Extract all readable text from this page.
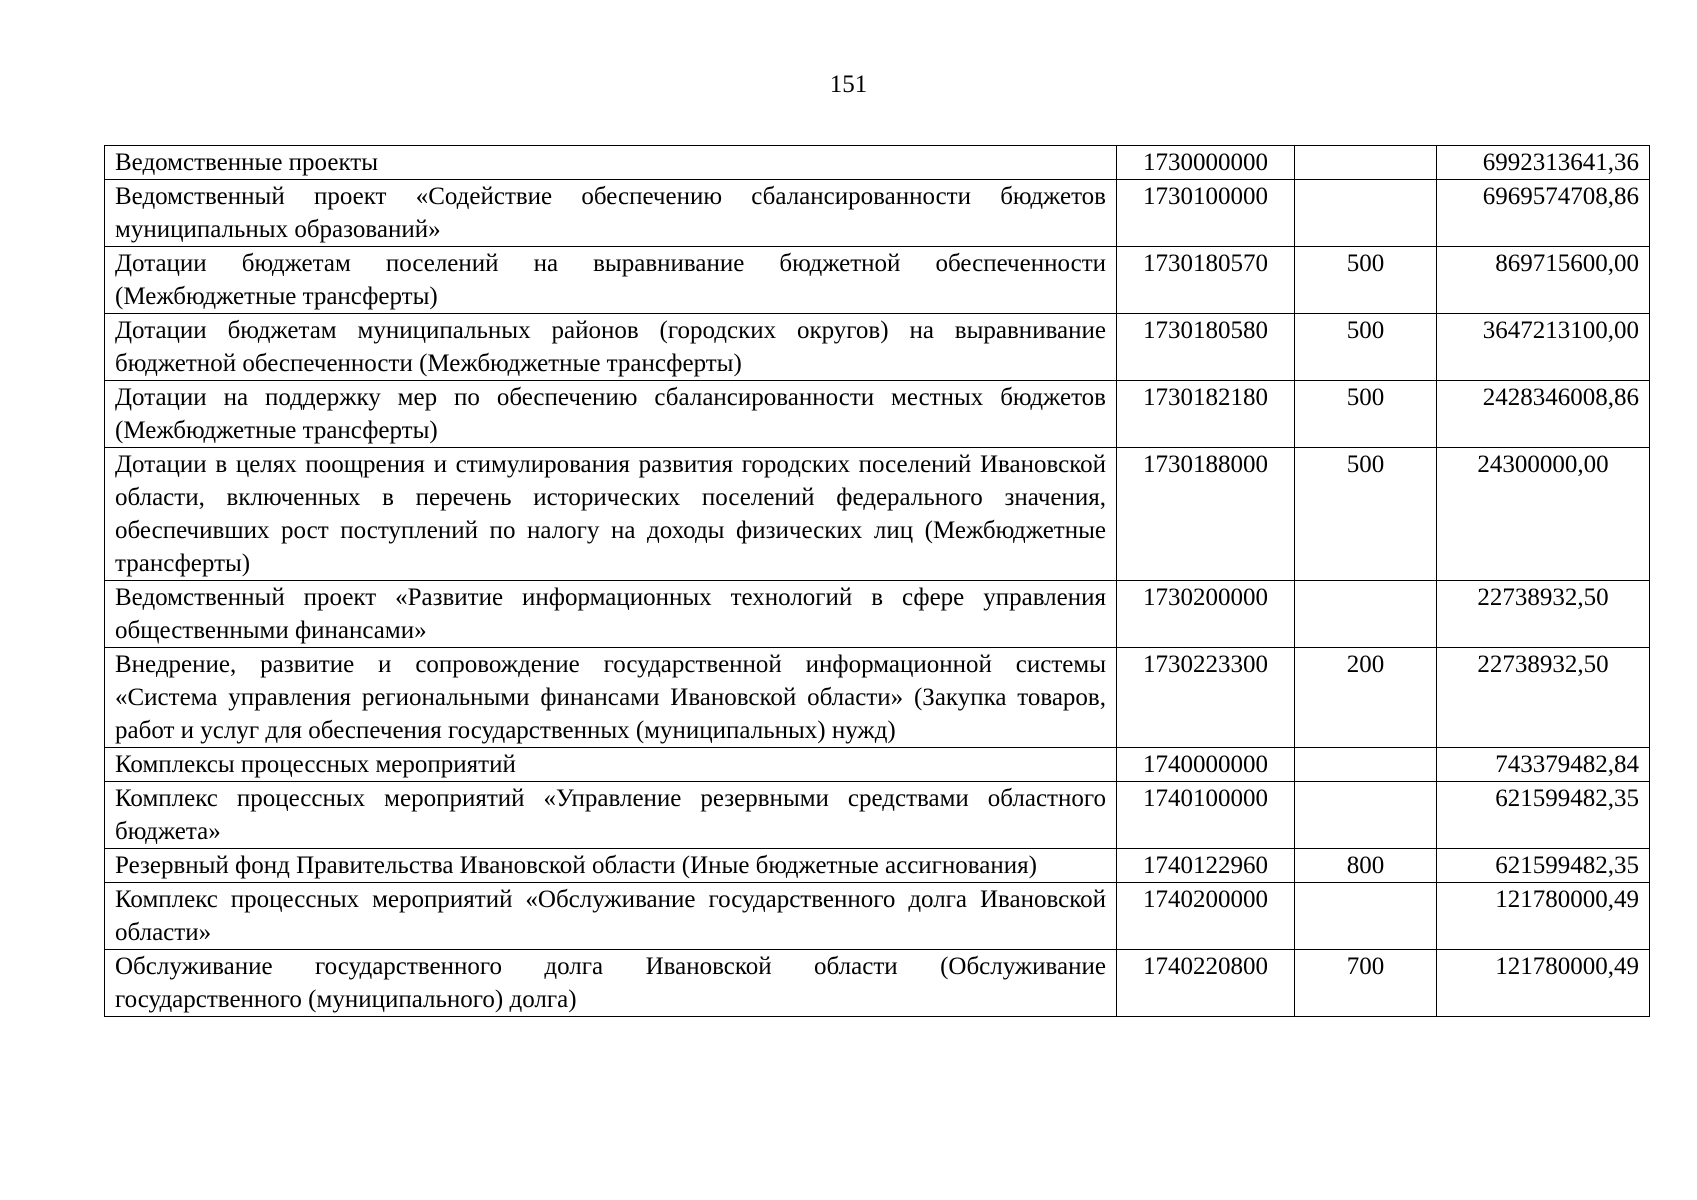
151
Ведомственные проекты	1730000000		6992313641,36
Ведомственный проект «Содействие обеспечению сбалансированности бюджетов муниципальных образований»	1730100000		6969574708,86
Дотации бюджетам поселений на выравнивание бюджетной обеспеченности (Межбюджетные трансферты)	1730180570	500	869715600,00
Дотации бюджетам муниципальных районов (городских округов) на выравнивание бюджетной обеспеченности (Межбюджетные трансферты)	1730180580	500	3647213100,00
Дотации на поддержку мер по обеспечению сбалансированности местных бюджетов (Межбюджетные трансферты)	1730182180	500	2428346008,86
Дотации в целях поощрения и стимулирования развития городских поселений Ивановской области, включенных в перечень исторических поселений федерального значения, обеспечивших рост поступлений по налогу на доходы физических лиц (Межбюджетные трансферты)	1730188000	500	24300000,00
Ведомственный проект «Развитие информационных технологий в сфере управления общественными финансами»	1730200000		22738932,50
Внедрение, развитие и сопровождение государственной информационной системы «Система управления региональными финансами Ивановской области» (Закупка товаров, работ и услуг для обеспечения государственных (муниципальных) нужд)	1730223300	200	22738932,50
Комплексы процессных мероприятий	1740000000		743379482,84
Комплекс процессных мероприятий «Управление резервными средствами областного бюджета»	1740100000		621599482,35
Резервный фонд Правительства Ивановской области (Иные бюджетные ассигнования)	1740122960	800	621599482,35
Комплекс процессных мероприятий «Обслуживание государственного долга Ивановской области»	1740200000		121780000,49
Обслуживание государственного долга Ивановской области (Обслуживание государственного (муниципального) долга)	1740220800	700	121780000,49
